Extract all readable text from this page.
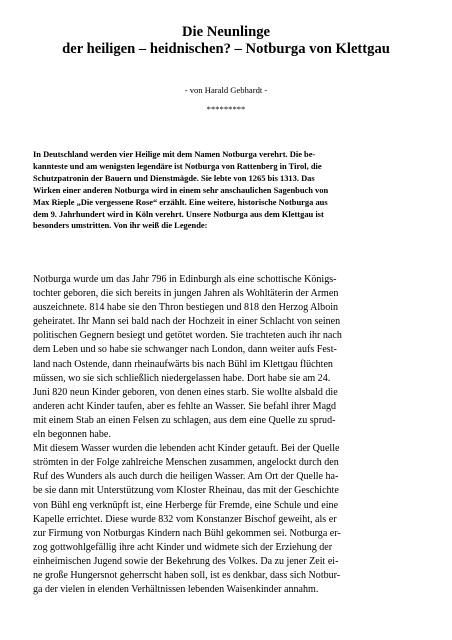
Die Neunlinge
der heiligen – heidnischen? – Notburga von Klettgau

- von Harald Gebhardt -

*********

In Deutschland werden vier Heilige mit dem Namen Notburga verehrt. Die be-
kannteste und am wenigsten legendäre ist Notburga von Rattenberg in Tirol, die
Schutzpatronin der Bauern und Dienstmägde. Sie lebte von 1265 bis 1313. Das
Wirken einer anderen Notburga wird in einem sehr anschaulichen Sagenbuch von
Max Rieple „Die vergessene Rose“ erzählt. Eine weitere, historische Notburga aus
dem 9. Jahrhundert wird in Köln verehrt. Unsere Notburga aus dem Klettgau ist
besonders umstritten. Von ihr weiß die Legende:
Notburga wurde um das Jahr 796 in Edinburgh als eine schottische Königs-
tochter geboren, die sich bereits in jungen Jahren als Wohltäterin der Armen
auszeichnete. 814 habe sie den Thron bestiegen und 818 den Herzog Alboin
geheiratet. Ihr Mann sei bald nach der Hochzeit in einer Schlacht von seinen
politischen Gegnern besiegt und getötet worden. Sie trachteten auch ihr nach
dem Leben und so habe sie schwanger nach London, dann weiter aufs Fest-
land nach Ostende, dann rheinaufwärts bis nach Bühl im Klettgau flüchten
müssen, wo sie sich schließlich niedergelassen habe. Dort habe sie am 24.
Juni 820 neun Kinder geboren, von denen eines starb. Sie wollte alsbald die
anderen acht Kinder taufen, aber es fehlte an Wasser. Sie befahl ihrer Magd
mit einem Stab an einen Felsen zu schlagen, aus dem eine Quelle zu sprud-
eln begonnen habe.
Mit diesem Wasser wurden die lebenden acht Kinder getauft. Bei der Quelle
strömten in der Folge zahlreiche Menschen zusammen, angelockt durch den
Ruf des Wunders als auch durch die heiligen Wasser. Am Ort der Quelle ha-
be sie dann mit Unterstützung vom Kloster Rheinau, das mit der Geschichte
von Bühl eng verknüpft ist, eine Herberge für Fremde, eine Schule und eine
Kapelle errichtet. Diese wurde 832 vom Konstanzer Bischof geweiht, als er
zur Firmung von Notburgas Kindern nach Bühl gekommen sei. Notburga er-
zog gottwohlgefällig ihre acht Kinder und widmete sich der Erziehung der
einheimischen Jugend sowie der Bekehrung des Volkes. Da zu jener Zeit ei-
ne große Hungersnot geherrscht haben soll, ist es denkbar, dass sich Notbur-
ga der vielen in elenden Verhältnissen lebenden Waisenkinder annahm.
